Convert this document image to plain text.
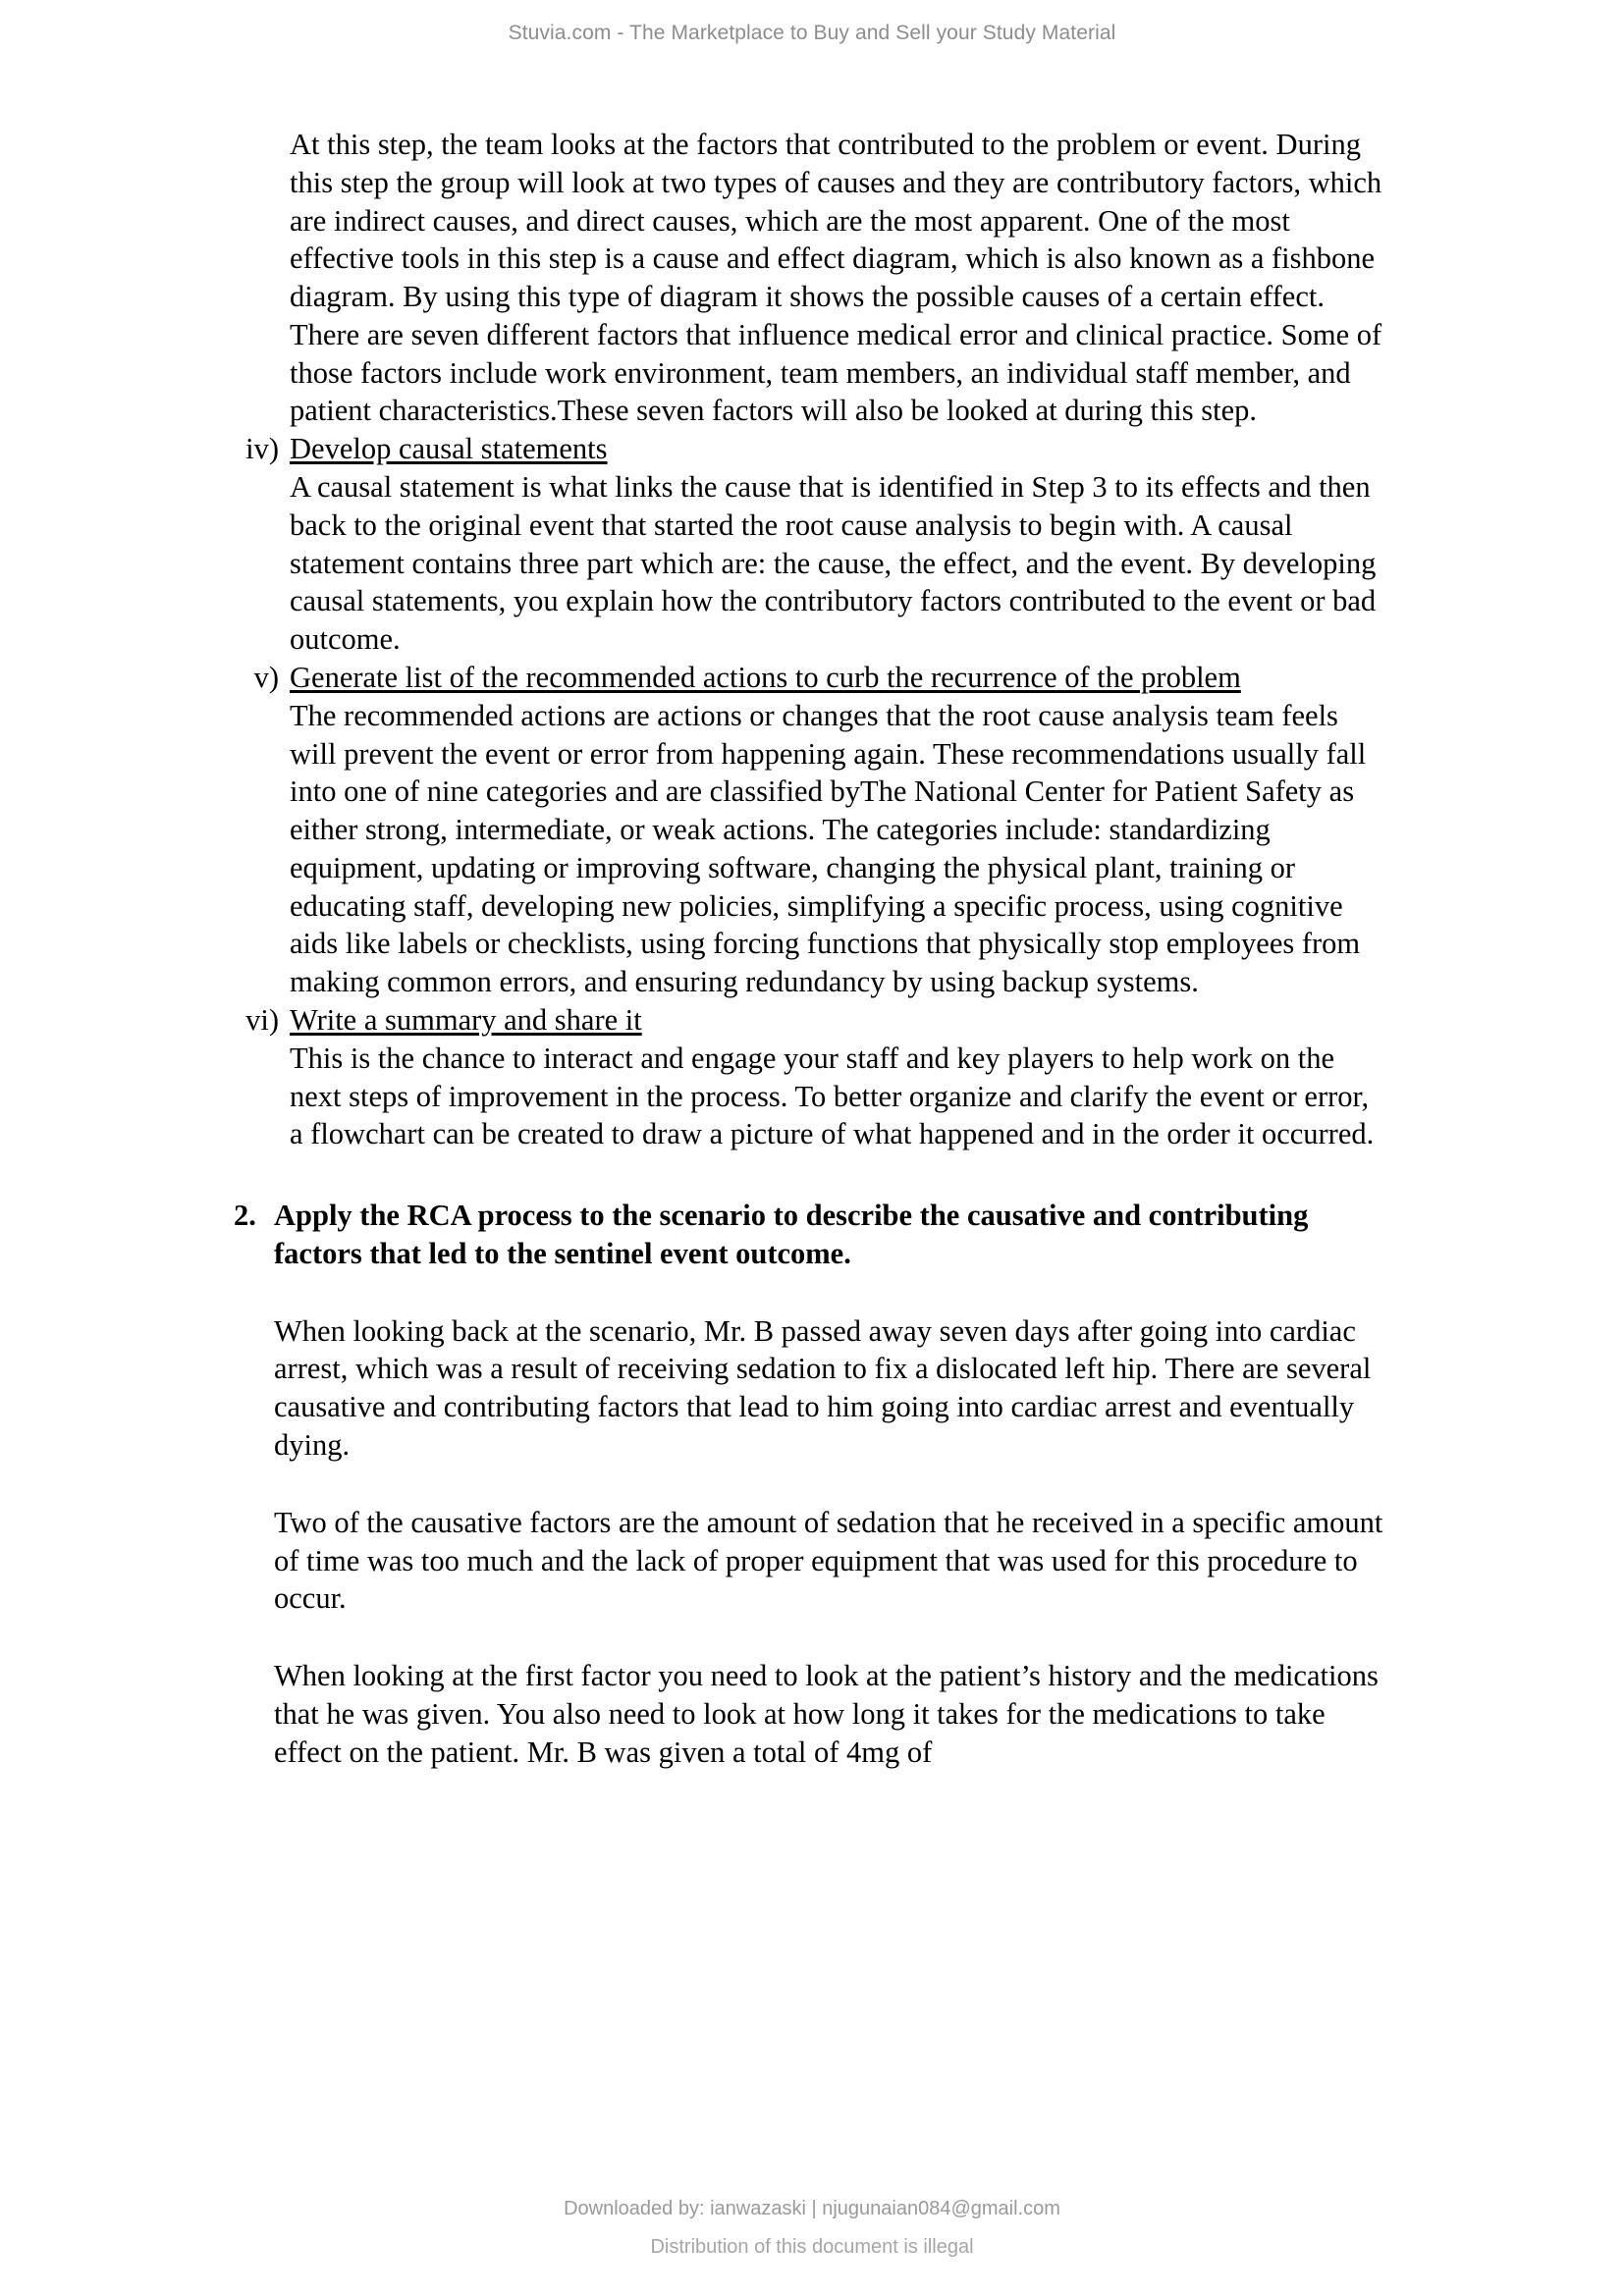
Stuvia.com - The Marketplace to Buy and Sell your Study Material

At this step, the team looks at the factors that contributed to the problem or event. During this step the group will look at two types of causes and they are contributory factors, which are indirect causes, and direct causes, which are the most apparent. One of the most effective tools in this step is a cause and effect diagram, which is also known as a fishbone diagram. By using this type of diagram it shows the possible causes of a certain effect. There are seven different factors that influence medical error and clinical practice. Some of those factors include work environment, team members, an individual staff member, and patient characteristics.These seven factors will also be looked at during this step.

iv) Develop causal statements
A causal statement is what links the cause that is identified in Step 3 to its effects and then back to the original event that started the root cause analysis to begin with. A causal statement contains three part which are: the cause, the effect, and the event. By developing causal statements, you explain how the contributory factors contributed to the event or bad outcome.
v) Generate list of the recommended actions to curb the recurrence of the problem
The recommended actions are actions or changes that the root cause analysis team feels will prevent the event or error from happening again. These recommendations usually fall into one of nine categories and are classified byThe National Center for Patient Safety as either strong, intermediate, or weak actions. The categories include: standardizing equipment, updating or improving software, changing the physical plant, training or educating staff, developing new policies, simplifying a specific process, using cognitive aids like labels or checklists, using forcing functions that physically stop employees from making common errors, and ensuring redundancy by using backup systems.
vi) Write a summary and share it
This is the chance to interact and engage your staff and key players to help work on the next steps of improvement in the process. To better organize and clarify the event or error, a flowchart can be created to draw a picture of what happened and in the order it occurred.
2. Apply the RCA process to the scenario to describe the causative and contributing factors that led to the sentinel event outcome.

When looking back at the scenario, Mr. B passed away seven days after going into cardiac arrest, which was a result of receiving sedation to fix a dislocated left hip. There are several causative and contributing factors that lead to him going into cardiac arrest and eventually dying.

Two of the causative factors are the amount of sedation that he received in a specific amount of time was too much and the lack of proper equipment that was used for this procedure to occur.

When looking at the first factor you need to look at the patient’s history and the medications that he was given. You also need to look at how long it takes for the medications to take effect on the patient. Mr. B was given a total of 4mg of

Downloaded by: ianwazaski | njugunaian084@gmail.com
Distribution of this document is illegal
